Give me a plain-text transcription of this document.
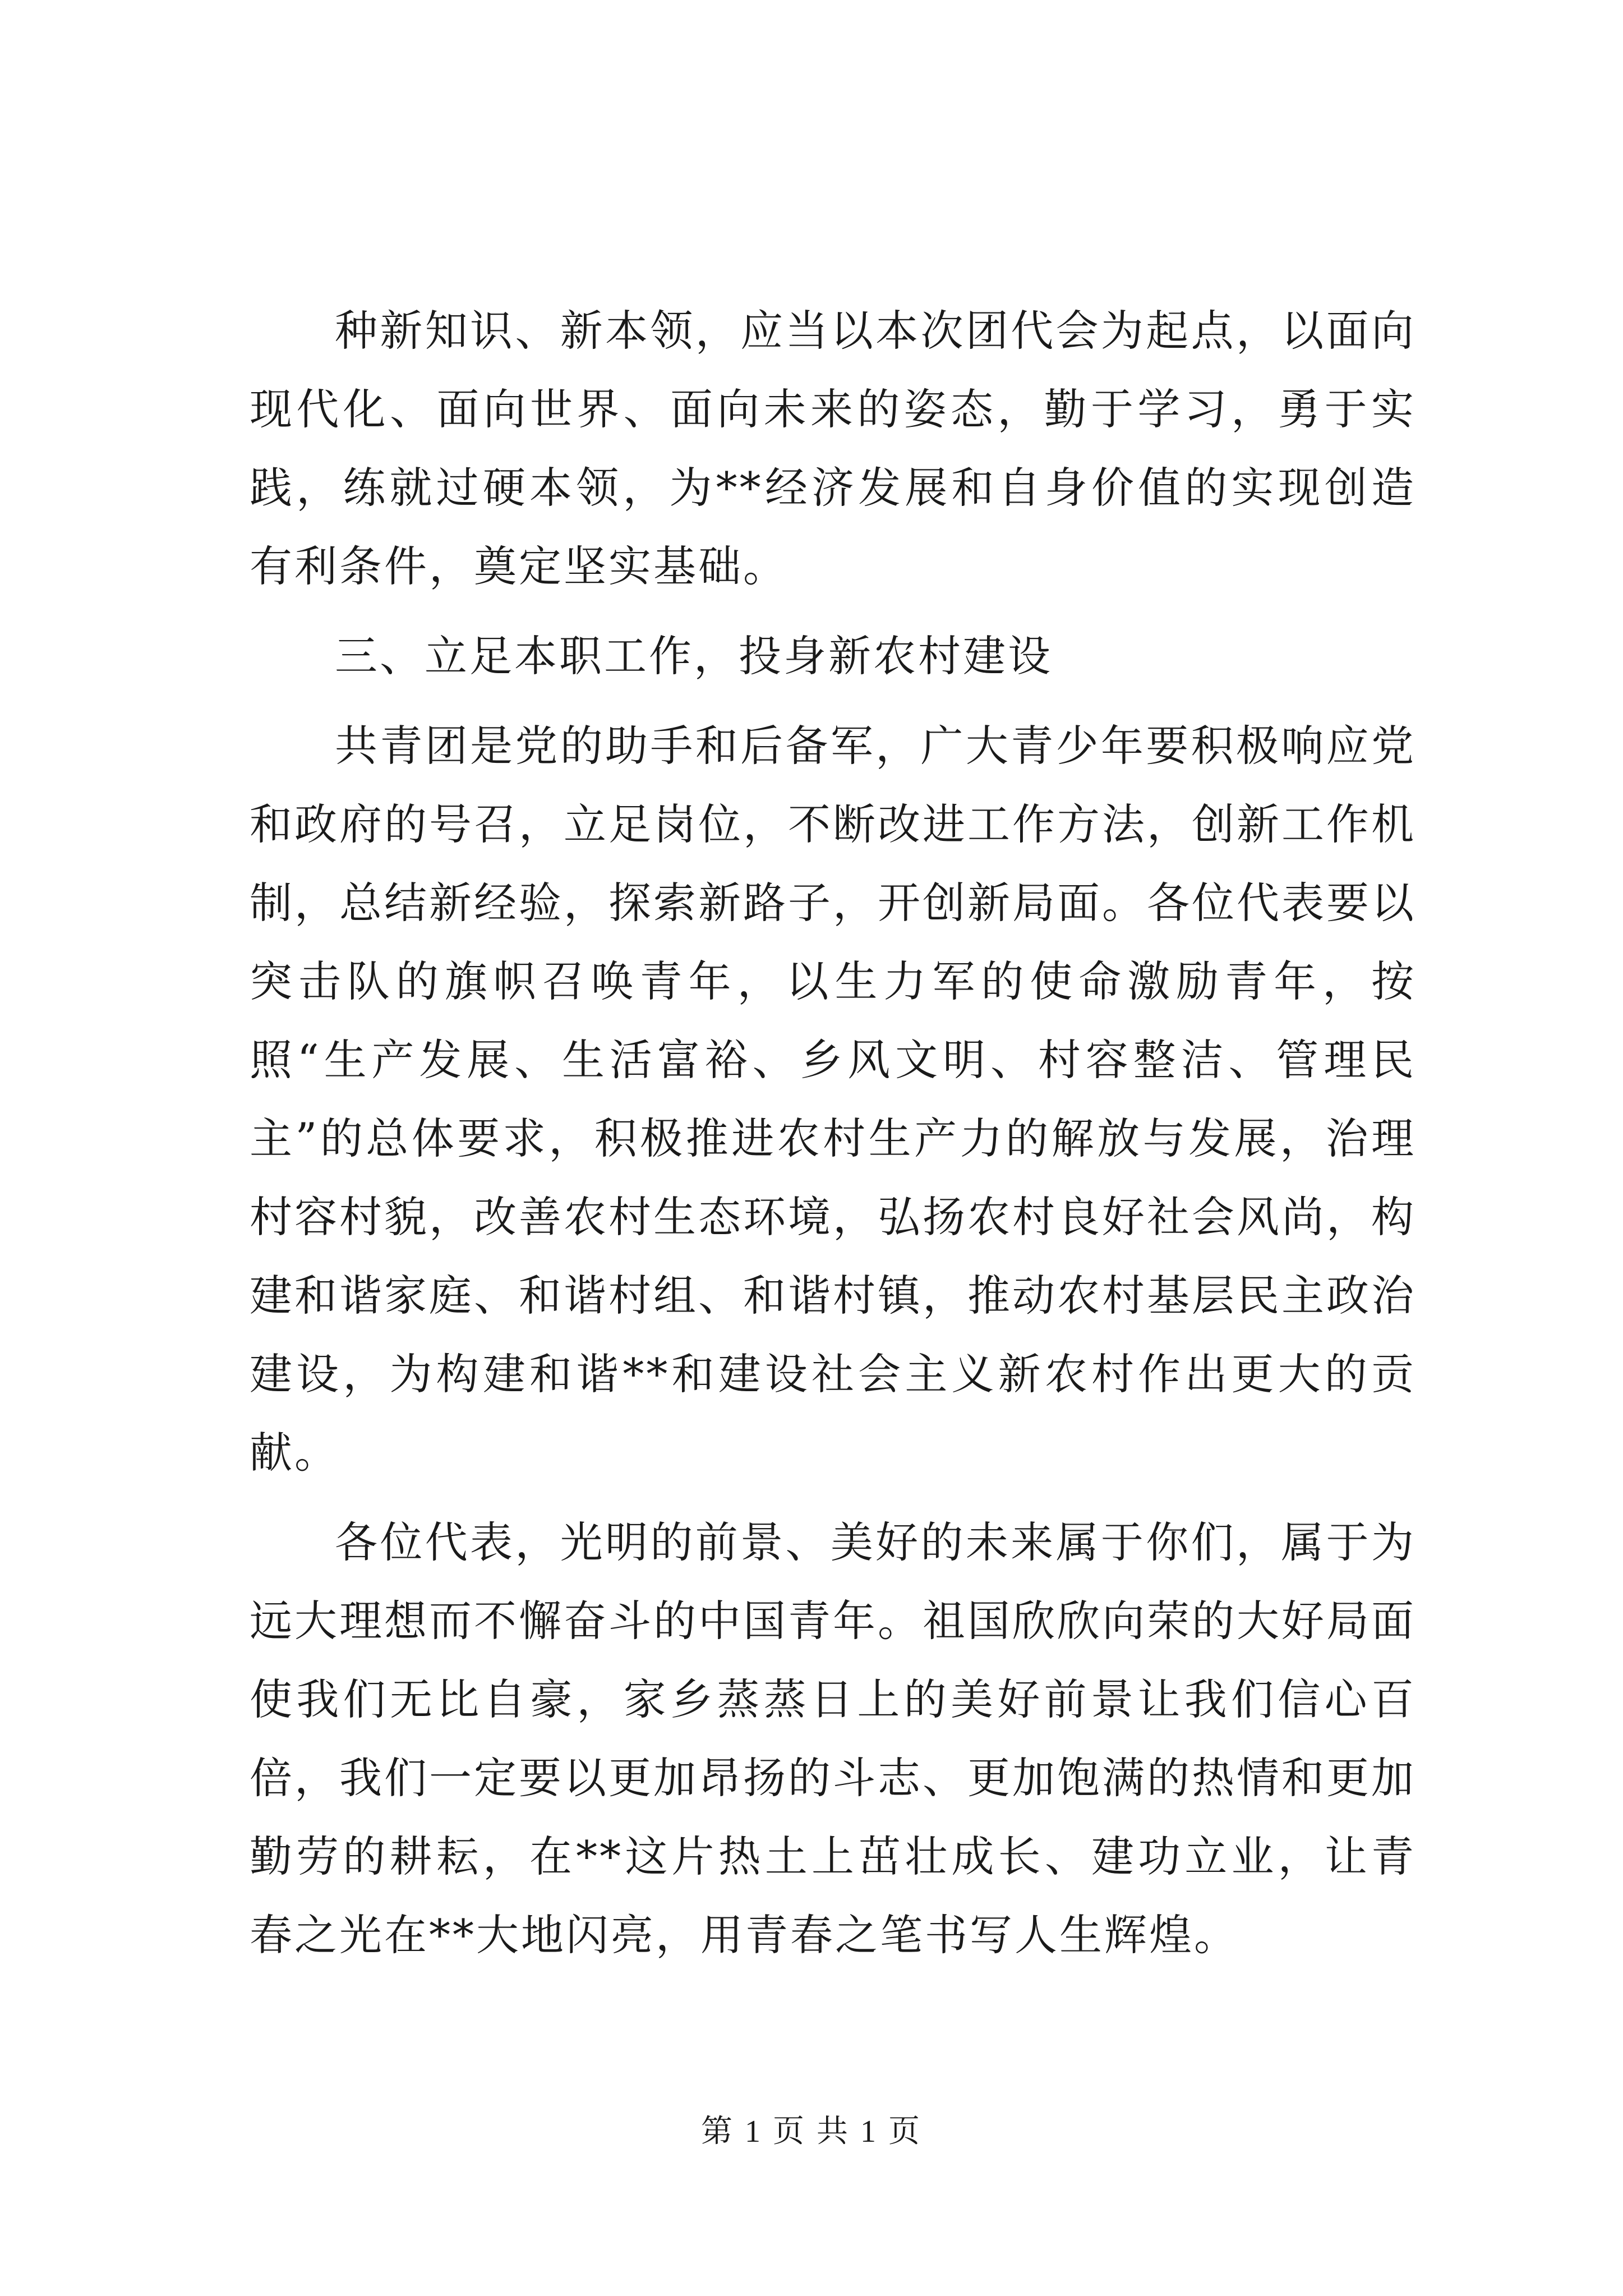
种新知识、新本领，应当以本次团代会为起点，以面向现代化、面向世界、面向未来的姿态，勤于学习，勇于实践，练就过硬本领，为**经济发展和自身价值的实现创造有利条件，奠定坚实基础。

三、立足本职工作，投身新农村建设

共青团是党的助手和后备军，广大青少年要积极响应党和政府的号召，立足岗位，不断改进工作方法，创新工作机制，总结新经验，探索新路子，开创新局面。各位代表要以突击队的旗帜召唤青年，以生力军的使命激励青年，按照“生产发展、生活富裕、乡风文明、村容整洁、管理民主”的总体要求，积极推进农村生产力的解放与发展，治理村容村貌，改善农村生态环境，弘扬农村良好社会风尚，构建和谐家庭、和谐村组、和谐村镇，推动农村基层民主政治建设，为构建和谐**和建设社会主义新农村作出更大的贡献。

各位代表，光明的前景、美好的未来属于你们，属于为远大理想而不懈奋斗的中国青年。祖国欣欣向荣的大好局面使我们无比自豪，家乡蒸蒸日上的美好前景让我们信心百倍，我们一定要以更加昂扬的斗志、更加饱满的热情和更加勤劳的耕耘，在**这片热土上茁壮成长、建功立业，让青春之光在**大地闪亮，用青春之笔书写人生辉煌。

第 1 页 共 1 页
